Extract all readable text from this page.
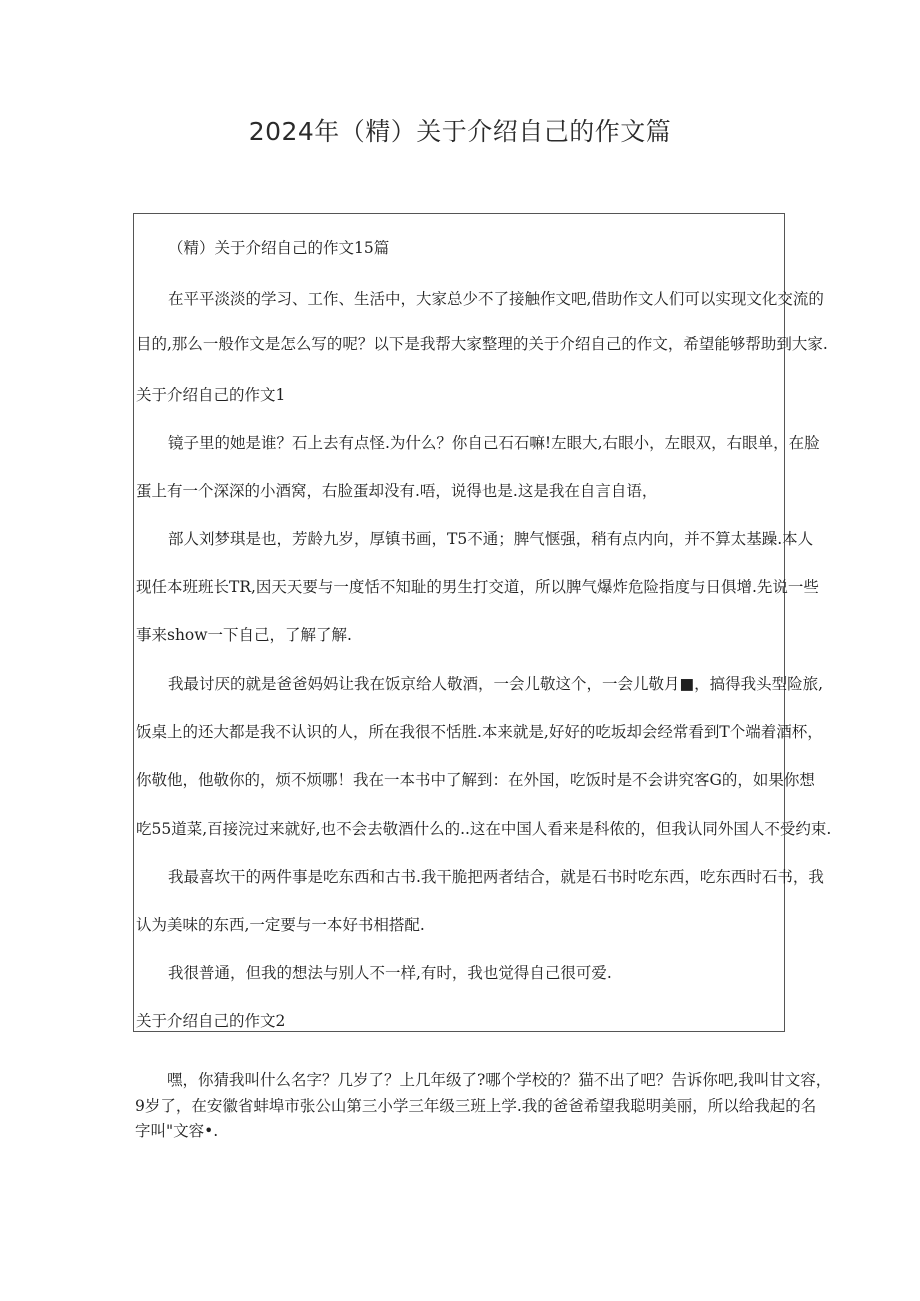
2024年（精）关于介绍自己的作文篇
（精）关于介绍自己的作文15篇
在平平淡淡的学习、工作、生活中，大家总少不了接触作文吧,借助作文人们可以实现文化交流的
目的,那么一般作文是怎么写的呢？以下是我帮大家整理的关于介绍自己的作文，希望能够帮助到大家.
关于介绍自己的作文1
镜子里的她是谁？石上去有点怪.为什么？你自己石石嘛!左眼大,右眼小，左眼双，右眼单，在脸
蛋上有一个深深的小酒窝，右脸蛋却没有.唔，说得也是.这是我在自言自语，
部人刘梦琪是也，芳龄九岁，厚镇书画，T5不通；脾气惬强，稍有点内向，并不算太基躁.本人
现任本班班长TR,因天天要与一度恬不知耻的男生打交道，所以脾气爆炸危险指度与日俱增.先说一些
事来show一下自己，了解了解.
我最讨厌的就是爸爸妈妈让我在饭京给人敬酒，一会儿敬这个，一会儿敬月■，搞得我头型险旅,
饭桌上的还大都是我不认识的人，所在我很不恬胜.本来就是,好好的吃坂却会经常看到T个端着酒杯，
你敬他，他敬你的，烦不烦哪！我在一本书中了解到：在外国，吃饭时是不会讲究客G的，如果你想
吃55道菜,百接浣过来就好,也不会去敬酒什么的..这在中国人看来是科侬的，但我认同外国人不受约束.
我最喜坎干的两件事是吃东西和古书.我干脆把两者结合，就是石书时吃东西，吃东西时石书，我
认为美味的东西,一定要与一本好书相搭配.
我很普通，但我的想法与别人不一样,有时，我也觉得自己很可爱.
关于介绍自己的作文2
嘿，你猜我叫什么名字？几岁了？上几年级了?哪个学校的？猫不出了吧？告诉你吧,我叫甘文容，
9岁了，在安徽省蚌埠市张公山第三小学三年级三班上学.我的爸爸希望我聪明美丽，所以给我起的名
字叫"文容•.
